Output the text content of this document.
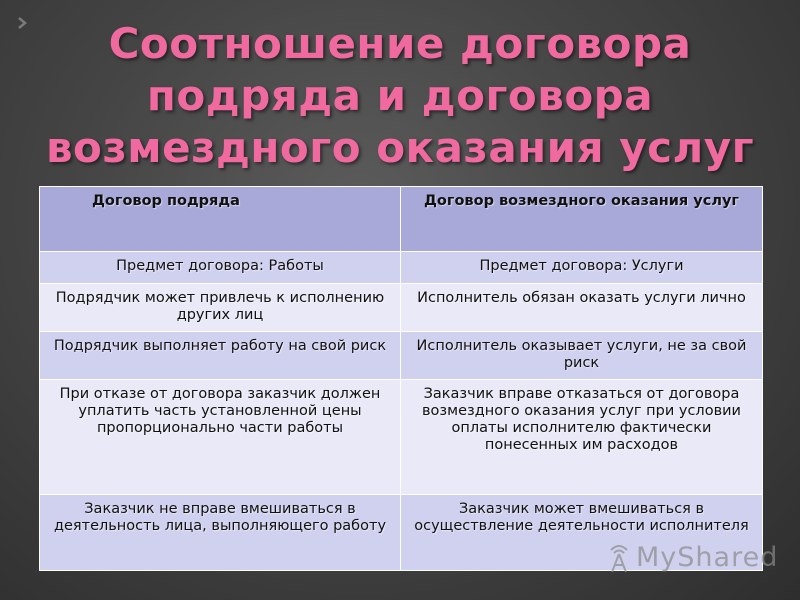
Соотношение договора
подряда и договора
возмездного оказания услуг
Договор подряда	Договор возмездного оказания услуг
Предмет договора: Работы	Предмет договора: Услуги
Подрядчик может привлечь к исполнению других лиц	Исполнитель обязан оказать услуги лично
Подрядчик выполняет работу на свой риск	Исполнитель оказывает услуги, не за свой риск
При отказе от договора заказчик должен уплатить часть установленной цены пропорционально части работы	Заказчик вправе отказаться от договора возмездного оказания услуг при условии оплаты исполнителю фактически понесенных им расходов
Заказчик не вправе вмешиваться в деятельность лица, выполняющего работу	Заказчик может вмешиваться в осуществление деятельности исполнителя
MyShared
